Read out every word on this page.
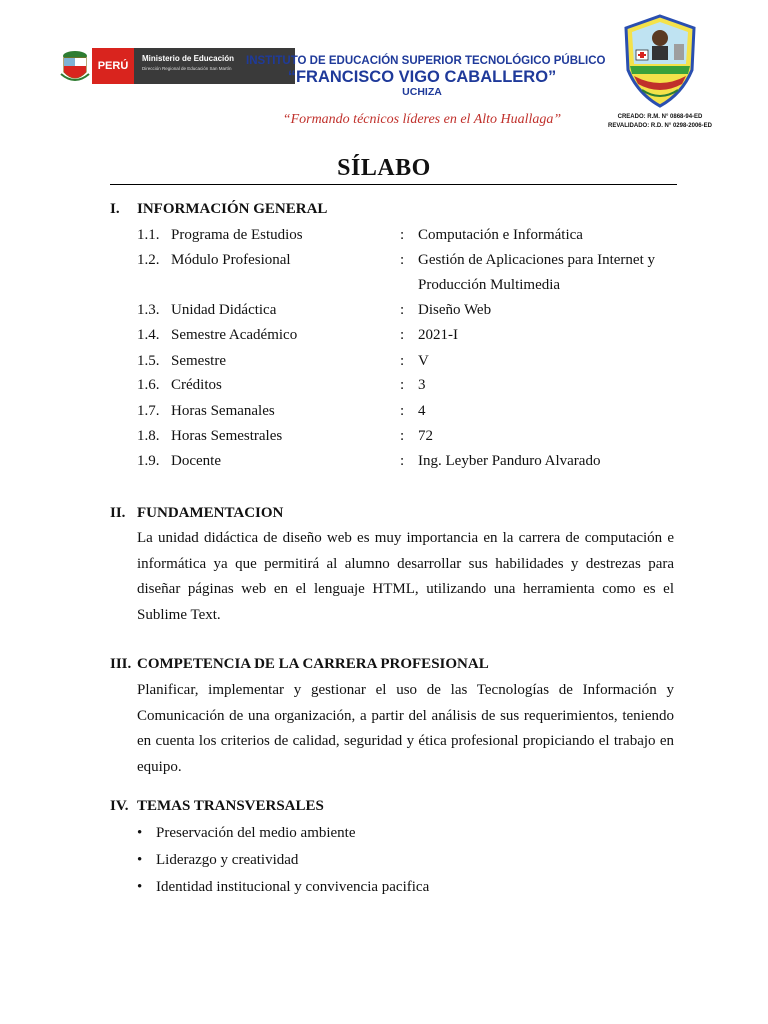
PERÚ
Ministerio de Educación
Dirección Regional de Educación San Martín
INSTITUTO DE EDUCACIÓN SUPERIOR TECNOLÓGICO PÚBLICO
“FRANCISCO VIGO CABALLERO”
UCHIZA
“Formando técnicos líderes en el Alto Huallaga”	CREADO: R.M. N° 0868-94-ED
REVALIDADO: R.D. N° 0298-2006-ED
SÍLABO
I. INFORMACIÓN GENERAL
1.1. Programa de Estudios	: Computación e Informática
1.2. Módulo Profesional	: Gestión de Aplicaciones para Internet y
Producción Multimedia
1.3. Unidad Didáctica	: Diseño Web
1.4. Semestre Académico	: 2021-I
1.5. Semestre	: V
1.6. Créditos	: 3
1.7. Horas Semanales	: 4
1.8. Horas Semestrales	: 72
1.9. Docente	: Ing. Leyber Panduro Alvarado
II. FUNDAMENTACION
La unidad didáctica de diseño web es muy importancia en la carrera de computación e informática ya que permitirá al alumno desarrollar sus habilidades y destrezas para diseñar páginas web en el lenguaje HTML, utilizando una herramienta como es el Sublime Text.
III. COMPETENCIA DE LA CARRERA PROFESIONAL
Planificar, implementar y gestionar el uso de las Tecnologías de Información y Comunicación de una organización, a partir del análisis de sus requerimientos, teniendo en cuenta los criterios de calidad, seguridad y ética profesional propiciando el trabajo en equipo.
IV. TEMAS TRANSVERSALES
• Preservación del medio ambiente
• Liderazgo y creatividad
• Identidad institucional y convivencia pacifica
